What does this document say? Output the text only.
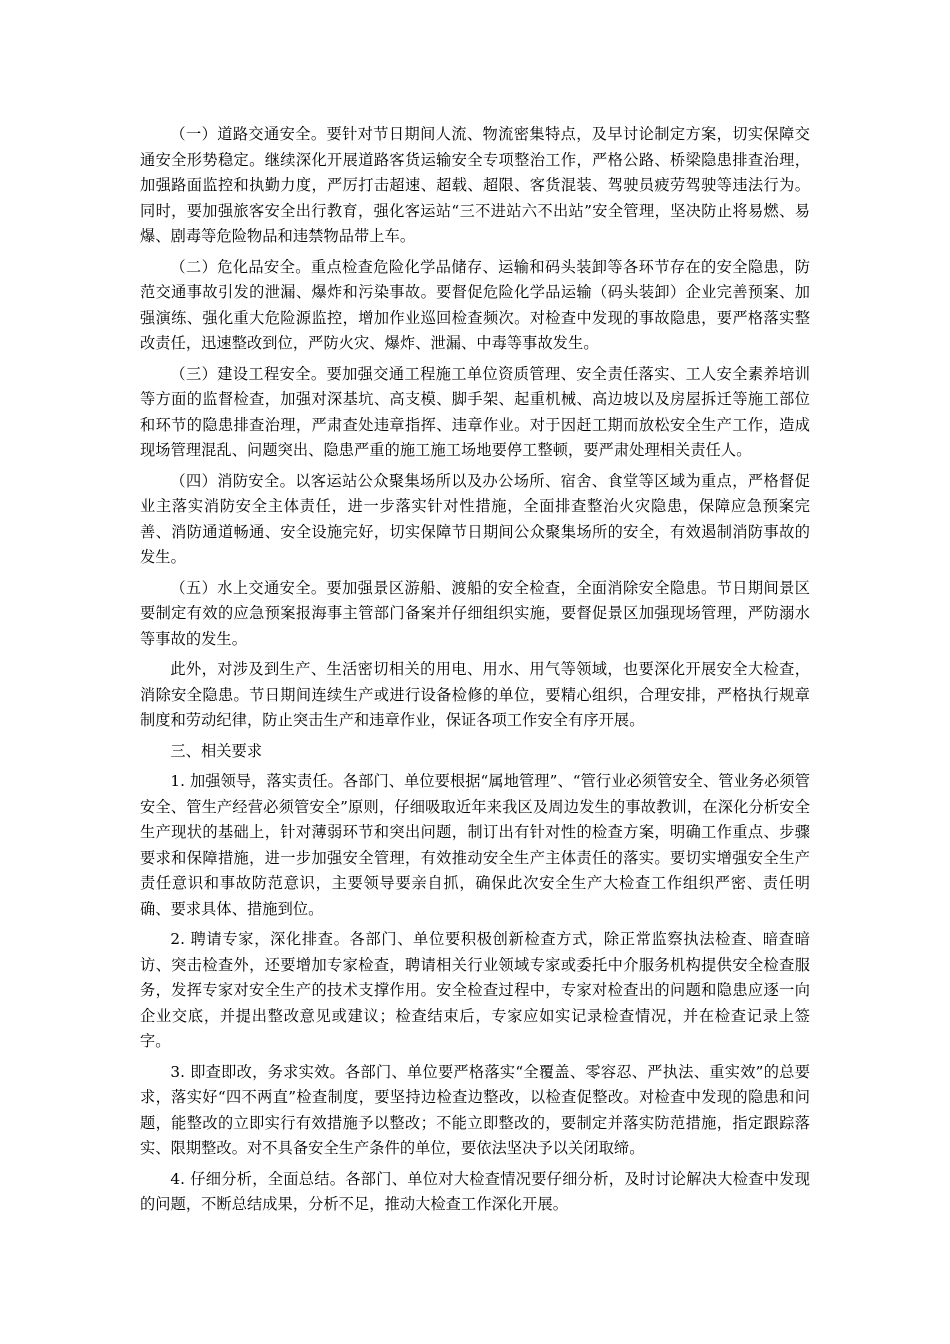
（一）道路交通安全。要针对节日期间人流、物流密集特点，及早讨论制定方案，切实保障交通安全形势稳定。继续深化开展道路客货运输安全专项整治工作，严格公路、桥梁隐患排查治理，加强路面监控和执勤力度，严厉打击超速、超载、超限、客货混装、驾驶员疲劳驾驶等违法行为。同时，要加强旅客安全出行教育，强化客运站“三不进站六不出站”安全管理，坚决防止将易燃、易爆、剧毒等危险物品和违禁物品带上车。

（二）危化品安全。重点检查危险化学品储存、运输和码头装卸等各环节存在的安全隐患，防范交通事故引发的泄漏、爆炸和污染事故。要督促危险化学品运输（码头装卸）企业完善预案、加强演练、强化重大危险源监控，增加作业巡回检查频次。对检查中发现的事故隐患，要严格落实整改责任，迅速整改到位，严防火灾、爆炸、泄漏、中毒等事故发生。

（三）建设工程安全。要加强交通工程施工单位资质管理、安全责任落实、工人安全素养培训等方面的监督检查，加强对深基坑、高支模、脚手架、起重机械、高边坡以及房屋拆迁等施工部位和环节的隐患排查治理，严肃查处违章指挥、违章作业。对于因赶工期而放松安全生产工作，造成现场管理混乱、问题突出、隐患严重的施工施工场地要停工整顿，要严肃处理相关责任人。

（四）消防安全。以客运站公众聚集场所以及办公场所、宿舍、食堂等区域为重点，严格督促业主落实消防安全主体责任，进一步落实针对性措施，全面排查整治火灾隐患，保障应急预案完善、消防通道畅通、安全设施完好，切实保障节日期间公众聚集场所的安全，有效遏制消防事故的发生。

（五）水上交通安全。要加强景区游船、渡船的安全检查，全面消除安全隐患。节日期间景区要制定有效的应急预案报海事主管部门备案并仔细组织实施，要督促景区加强现场管理，严防溺水等事故的发生。

此外，对涉及到生产、生活密切相关的用电、用水、用气等领域，也要深化开展安全大检查，消除安全隐患。节日期间连续生产或进行设备检修的单位，要精心组织，合理安排，严格执行规章制度和劳动纪律，防止突击生产和违章作业，保证各项工作安全有序开展。

三、相关要求

1. 加强领导，落实责任。各部门、单位要根据“属地管理”、“管行业必须管安全、管业务必须管安全、管生产经营必须管安全”原则，仔细吸取近年来我区及周边发生的事故教训，在深化分析安全生产现状的基础上，针对薄弱环节和突出问题，制订出有针对性的检查方案，明确工作重点、步骤要求和保障措施，进一步加强安全管理，有效推动安全生产主体责任的落实。要切实增强安全生产责任意识和事故防范意识，主要领导要亲自抓，确保此次安全生产大检查工作组织严密、责任明确、要求具体、措施到位。

2. 聘请专家，深化排查。各部门、单位要积极创新检查方式，除正常监察执法检查、暗查暗访、突击检查外，还要增加专家检查，聘请相关行业领域专家或委托中介服务机构提供安全检查服务，发挥专家对安全生产的技术支撑作用。安全检查过程中，专家对检查出的问题和隐患应逐一向企业交底，并提出整改意见或建议；检查结束后，专家应如实记录检查情况，并在检查记录上签字。

3. 即查即改，务求实效。各部门、单位要严格落实“全覆盖、零容忍、严执法、重实效”的总要求，落实好“四不两直”检查制度，要坚持边检查边整改，以检查促整改。对检查中发现的隐患和问题，能整改的立即实行有效措施予以整改；不能立即整改的，要制定并落实防范措施，指定跟踪落实、限期整改。对不具备安全生产条件的单位，要依法坚决予以关闭取缔。

4. 仔细分析，全面总结。各部门、单位对大检查情况要仔细分析，及时讨论解决大检查中发现的问题，不断总结成果，分析不足，推动大检查工作深化开展。
